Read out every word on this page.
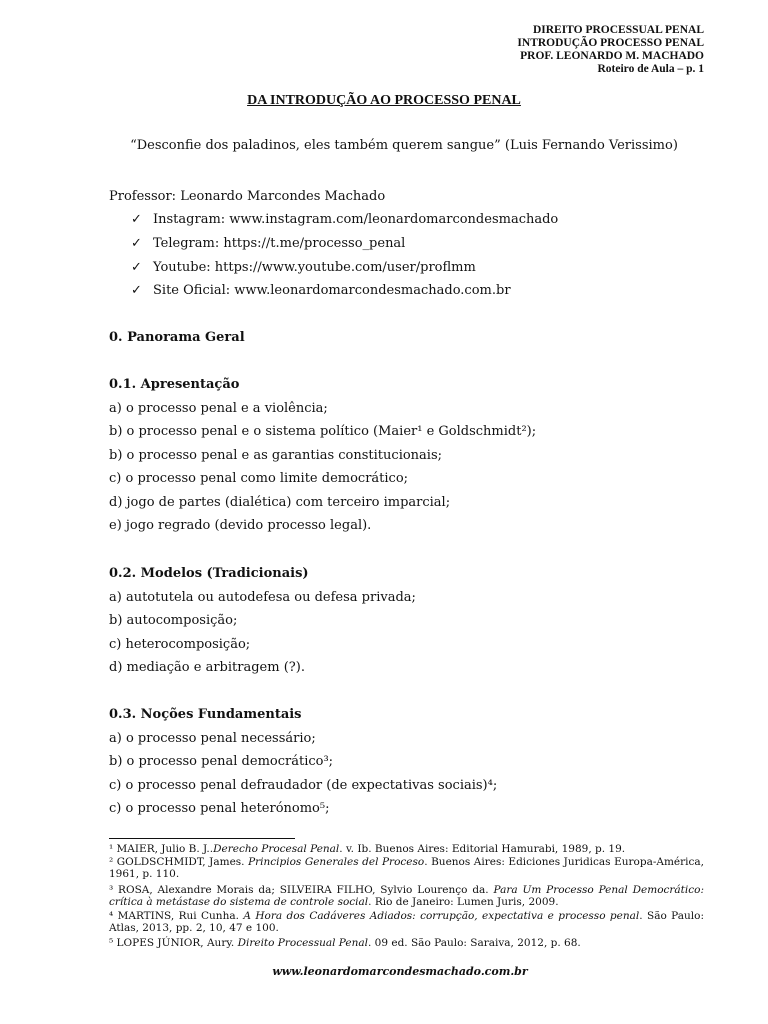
DIREITO PROCESSUAL PENAL
INTRODUÇÃO PROCESSO PENAL
PROF. LEONARDO M. MACHADO
Roteiro de Aula – p. 1
DA INTRODUÇÃO AO PROCESSO PENAL
“Desconfie dos paladinos, eles também querem sangue” (Luis Fernando Verissimo)
Professor: Leonardo Marcondes Machado
✓ Instagram: www.instagram.com/leonardomarcondesmachado
✓ Telegram: https://t.me/processo_penal
✓ Youtube: https://www.youtube.com/user/proflmm
✓ Site Oficial: www.leonardomarcondesmachado.com.br
0. Panorama Geral
0.1. Apresentação
a) o processo penal e a violência;
b) o processo penal e o sistema político (Maier¹ e Goldschmidt²);
b) o processo penal e as garantias constitucionais;
c) o processo penal como limite democrático;
d) jogo de partes (dialética) com terceiro imparcial;
e) jogo regrado (devido processo legal).
0.2. Modelos (Tradicionais)
a) autotutela ou autodefesa ou defesa privada;
b) autocomposição;
c) heterocomposição;
d) mediação e arbitragem (?).
0.3. Noções Fundamentais
a) o processo penal necessário;
b) o processo penal democrático³;
c) o processo penal defraudador (de expectativas sociais)⁴;
c) o processo penal heterónomo⁵;
¹ MAIER, Julio B. J..Derecho Procesal Penal. v. Ib. Buenos Aires: Editorial Hamurabi, 1989, p. 19.
² GOLDSCHMIDT, James. Principios Generales del Proceso. Buenos Aires: Ediciones Juridicas Europa-América, 1961, p. 110.
³ ROSA, Alexandre Morais da; SILVEIRA FILHO, Sylvio Lourenço da. Para Um Processo Penal Democrático: crítica à metástase do sistema de controle social. Rio de Janeiro: Lumen Juris, 2009.
⁴ MARTINS, Rui Cunha. A Hora dos Cadáveres Adiados: corrupção, expectativa e processo penal. São Paulo: Atlas, 2013, pp. 2, 10, 47 e 100.
⁵ LOPES JÚNIOR, Aury. Direito Processual Penal. 09 ed. São Paulo: Saraiva, 2012, p. 68.
www.leonardomarcondesmachado.com.br
